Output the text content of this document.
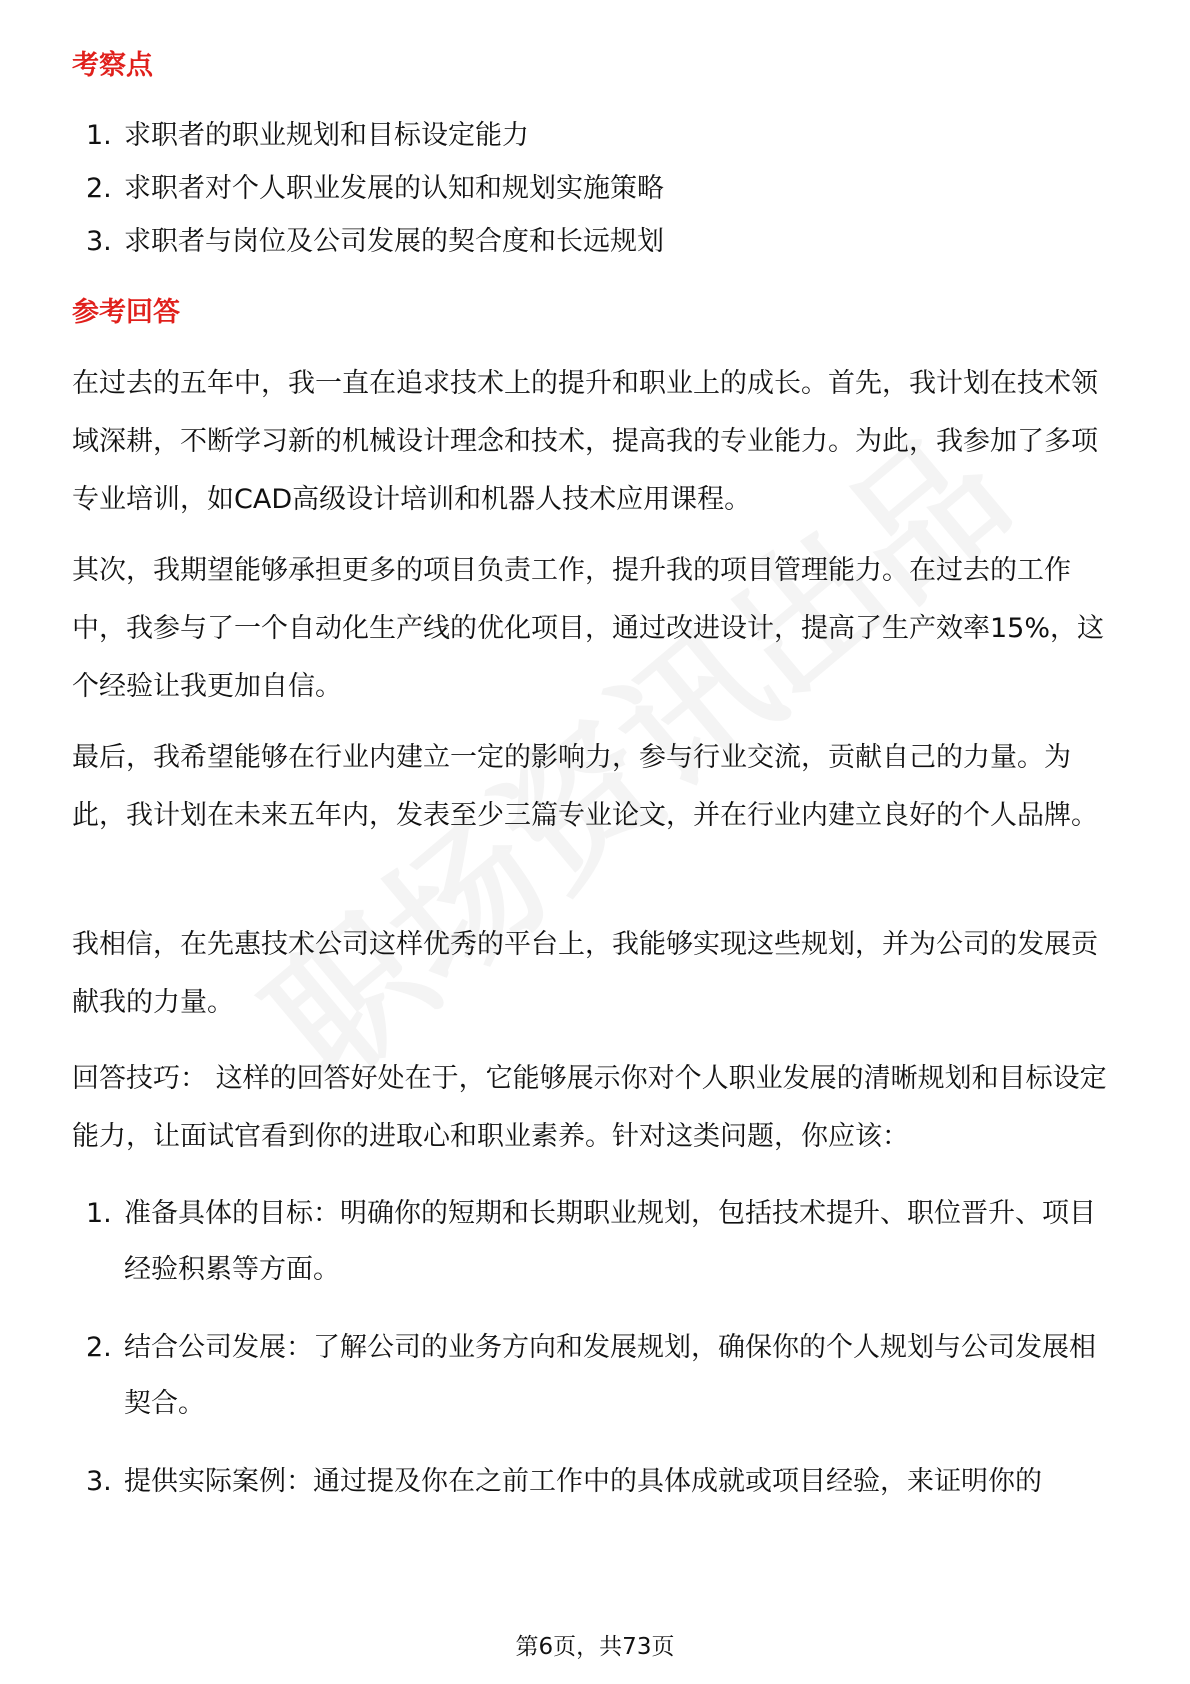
考察点
1. 求职者的职业规划和目标设定能力
2. 求职者对个人职业发展的认知和规划实施策略
3. 求职者与岗位及公司发展的契合度和长远规划
参考回答

在过去的五年中，我一直在追求技术上的提升和职业上的成长。首先，我计划在技术领域深耕，不断学习新的机械设计理念和技术，提高我的专业能力。为此，我参加了多项专业培训，如CAD高级设计培训和机器人技术应用课程。

其次，我期望能够承担更多的项目负责工作，提升我的项目管理能力。在过去的工作中，我参与了一个自动化生产线的优化项目，通过改进设计，提高了生产效率15%，这个经验让我更加自信。

最后，我希望能够在行业内建立一定的影响力，参与行业交流，贡献自己的力量。为此，我计划在未来五年内，发表至少三篇专业论文，并在行业内建立良好的个人品牌。

我相信，在先惠技术公司这样优秀的平台上，我能够实现这些规划，并为公司的发展贡献我的力量。

回答技巧： 这样的回答好处在于，它能够展示你对个人职业发展的清晰规划和目标设定能力，让面试官看到你的进取心和职业素养。针对这类问题，你应该：

1. 准备具体的目标：明确你的短期和长期职业规划，包括技术提升、职位晋升、项目经验积累等方面。
2. 结合公司发展：了解公司的业务方向和发展规划，确保你的个人规划与公司发展相契合。
3. 提供实际案例：通过提及你在之前工作中的具体成就或项目经验，来证明你的
第6页，共73页
